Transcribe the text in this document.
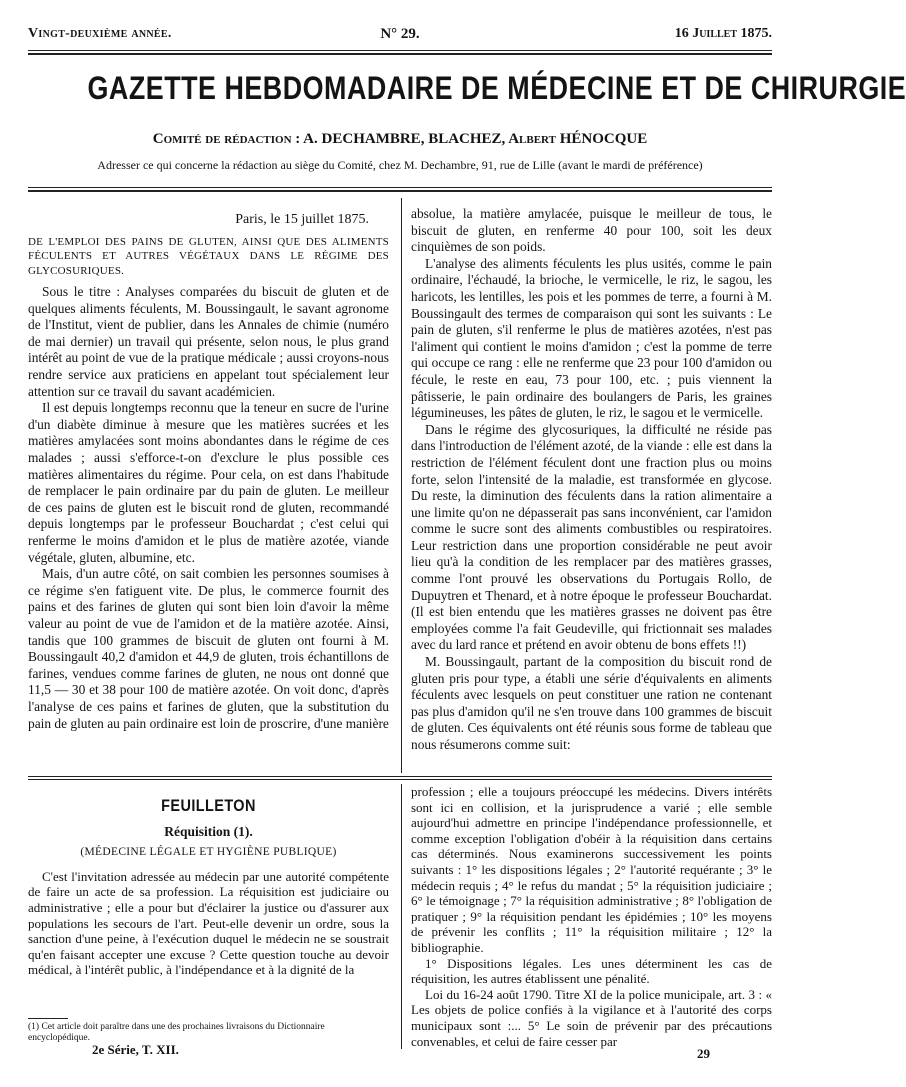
Vingt-deuxième année.	N° 29.	16 Juillet 1875.
GAZETTE HEBDOMADAIRE DE MÉDECINE ET DE CHIRURGIE
Comité de rédaction : A. DECHAMBRE, BLACHEZ, Albert HÉNOCQUE
Adresser ce qui concerne la rédaction au siège du Comité, chez M. Dechambre, 91, rue de Lille (avant le mardi de préférence)

Paris, le 15 juillet 1875.

DE L'EMPLOI DES PAINS DE GLUTEN, AINSI QUE DES ALIMENTS FÉCULENTS ET AUTRES VÉGÉTAUX DANS LE RÉGIME DES GLYCOSURIQUES.

Sous le titre : Analyses comparées du biscuit de gluten et de quelques aliments féculents, M. Boussingault, le savant agronome de l'Institut, vient de publier, dans les Annales de chimie (numéro de mai dernier) un travail qui présente, selon nous, le plus grand intérêt au point de vue de la pratique médicale ; aussi croyons-nous rendre service aux praticiens en appelant tout spécialement leur attention sur ce travail du savant académicien.

Il est depuis longtemps reconnu que la teneur en sucre de l'urine d'un diabète diminue à mesure que les matières sucrées et les matières amylacées sont moins abondantes dans le régime de ces malades ; aussi s'efforce-t-on d'exclure le plus possible ces matières alimentaires du régime. Pour cela, on est dans l'habitude de remplacer le pain ordinaire par du pain de gluten. Le meilleur de ces pains de gluten est le biscuit rond de gluten, recommandé depuis longtemps par le professeur Bouchardat ; c'est celui qui renferme le moins d'amidon et le plus de matière azotée, viande végétale, gluten, albumine, etc.

Mais, d'un autre côté, on sait combien les personnes soumises à ce régime s'en fatiguent vite. De plus, le commerce fournit des pains et des farines de gluten qui sont bien loin d'avoir la même valeur au point de vue de l'amidon et de la matière azotée. Ainsi, tandis que 100 grammes de biscuit de gluten ont fourni à M. Boussingault 40,2 d'amidon et 44,9 de gluten, trois échantillons de farines, vendues comme farines de gluten, ne nous ont donné que 11,5 — 30 et 38 pour 100 de matière azotée. On voit donc, d'après l'analyse de ces pains et farines de gluten, que la substitution du pain de gluten au pain ordinaire est loin de proscrire, d'une manière

absolue, la matière amylacée, puisque le meilleur de tous, le biscuit de gluten, en renferme 40 pour 100, soit les deux cinquièmes de son poids.

L'analyse des aliments féculents les plus usités, comme le pain ordinaire, l'échaudé, la brioche, le vermicelle, le riz, le sagou, les haricots, les lentilles, les pois et les pommes de terre, a fourni à M. Boussingault des termes de comparaison qui sont les suivants : Le pain de gluten, s'il renferme le plus de matières azotées, n'est pas l'aliment qui contient le moins d'amidon ; c'est la pomme de terre qui occupe ce rang : elle ne renferme que 23 pour 100 d'amidon ou fécule, le reste en eau, 73 pour 100, etc. ; puis viennent la pâtisserie, le pain ordinaire des boulangers de Paris, les graines légumineuses, les pâtes de gluten, le riz, le sagou et le vermicelle.

Dans le régime des glycosuriques, la difficulté ne réside pas dans l'introduction de l'élément azoté, de la viande : elle est dans la restriction de l'élément féculent dont une fraction plus ou moins forte, selon l'intensité de la maladie, est transformée en glycose. Du reste, la diminution des féculents dans la ration alimentaire a une limite qu'on ne dépasserait pas sans inconvénient, car l'amidon comme le sucre sont des aliments combustibles ou respiratoires. Leur restriction dans une proportion considérable ne peut avoir lieu qu'à la condition de les remplacer par des matières grasses, comme l'ont prouvé les observations du Portugais Rollo, de Dupuytren et Thenard, et à notre époque le professeur Bouchardat. (Il est bien entendu que les matières grasses ne doivent pas être employées comme l'a fait Geudeville, qui frictionnait ses malades avec du lard rance et prétend en avoir obtenu de bons effets !!)

M. Boussingault, partant de la composition du biscuit rond de gluten pris pour type, a établi une série d'équivalents en aliments féculents avec lesquels on peut constituer une ration ne contenant pas plus d'amidon qu'il ne s'en trouve dans 100 grammes de biscuit de gluten. Ces équivalents ont été réunis sous forme de tableau que nous résumerons comme suit:

FEUILLETON

Réquisition (1).

(MÉDECINE LÉGALE ET HYGIÈNE PUBLIQUE)

C'est l'invitation adressée au médecin par une autorité compétente de faire un acte de sa profession. La réquisition est judiciaire ou administrative ; elle a pour but d'éclairer la justice ou d'assurer aux populations les secours de l'art. Peut-elle devenir un ordre, sous la sanction d'une peine, à l'exécution duquel le médecin ne se soustrait qu'en faisant accepter une excuse ? Cette question touche au devoir médical, à l'intérêt public, à l'indépendance et à la dignité de la

profession ; elle a toujours préoccupé les médecins. Divers intérêts sont ici en collision, et la jurisprudence a varié ; elle semble aujourd'hui admettre en principe l'indépendance professionnelle, et comme exception l'obligation d'obéir à la réquisition dans certains cas déterminés. Nous examinerons successivement les points suivants : 1° les dispositions légales ; 2° l'autorité requérante ; 3° le médecin requis ; 4° le refus du mandat ; 5° la réquisition judiciaire ; 6° le témoignage ; 7° la réquisition administrative ; 8° l'obligation de pratiquer ; 9° la réquisition pendant les épidémies ; 10° les moyens de prévenir les conflits ; 11° la réquisition militaire ; 12° la bibliographie.

1° Dispositions légales. Les unes déterminent les cas de réquisition, les autres établissent une pénalité.

Loi du 16-24 août 1790. Titre XI de la police municipale, art. 3 : « Les objets de police confiés à la vigilance et à l'autorité des corps municipaux sont :... 5° Le soin de prévenir par des précautions convenables, et celui de faire cesser par

(1) Cet article doit paraître dans une des prochaines livraisons du Dictionnaire encyclopédique.
2e Série, T. XII.	29
